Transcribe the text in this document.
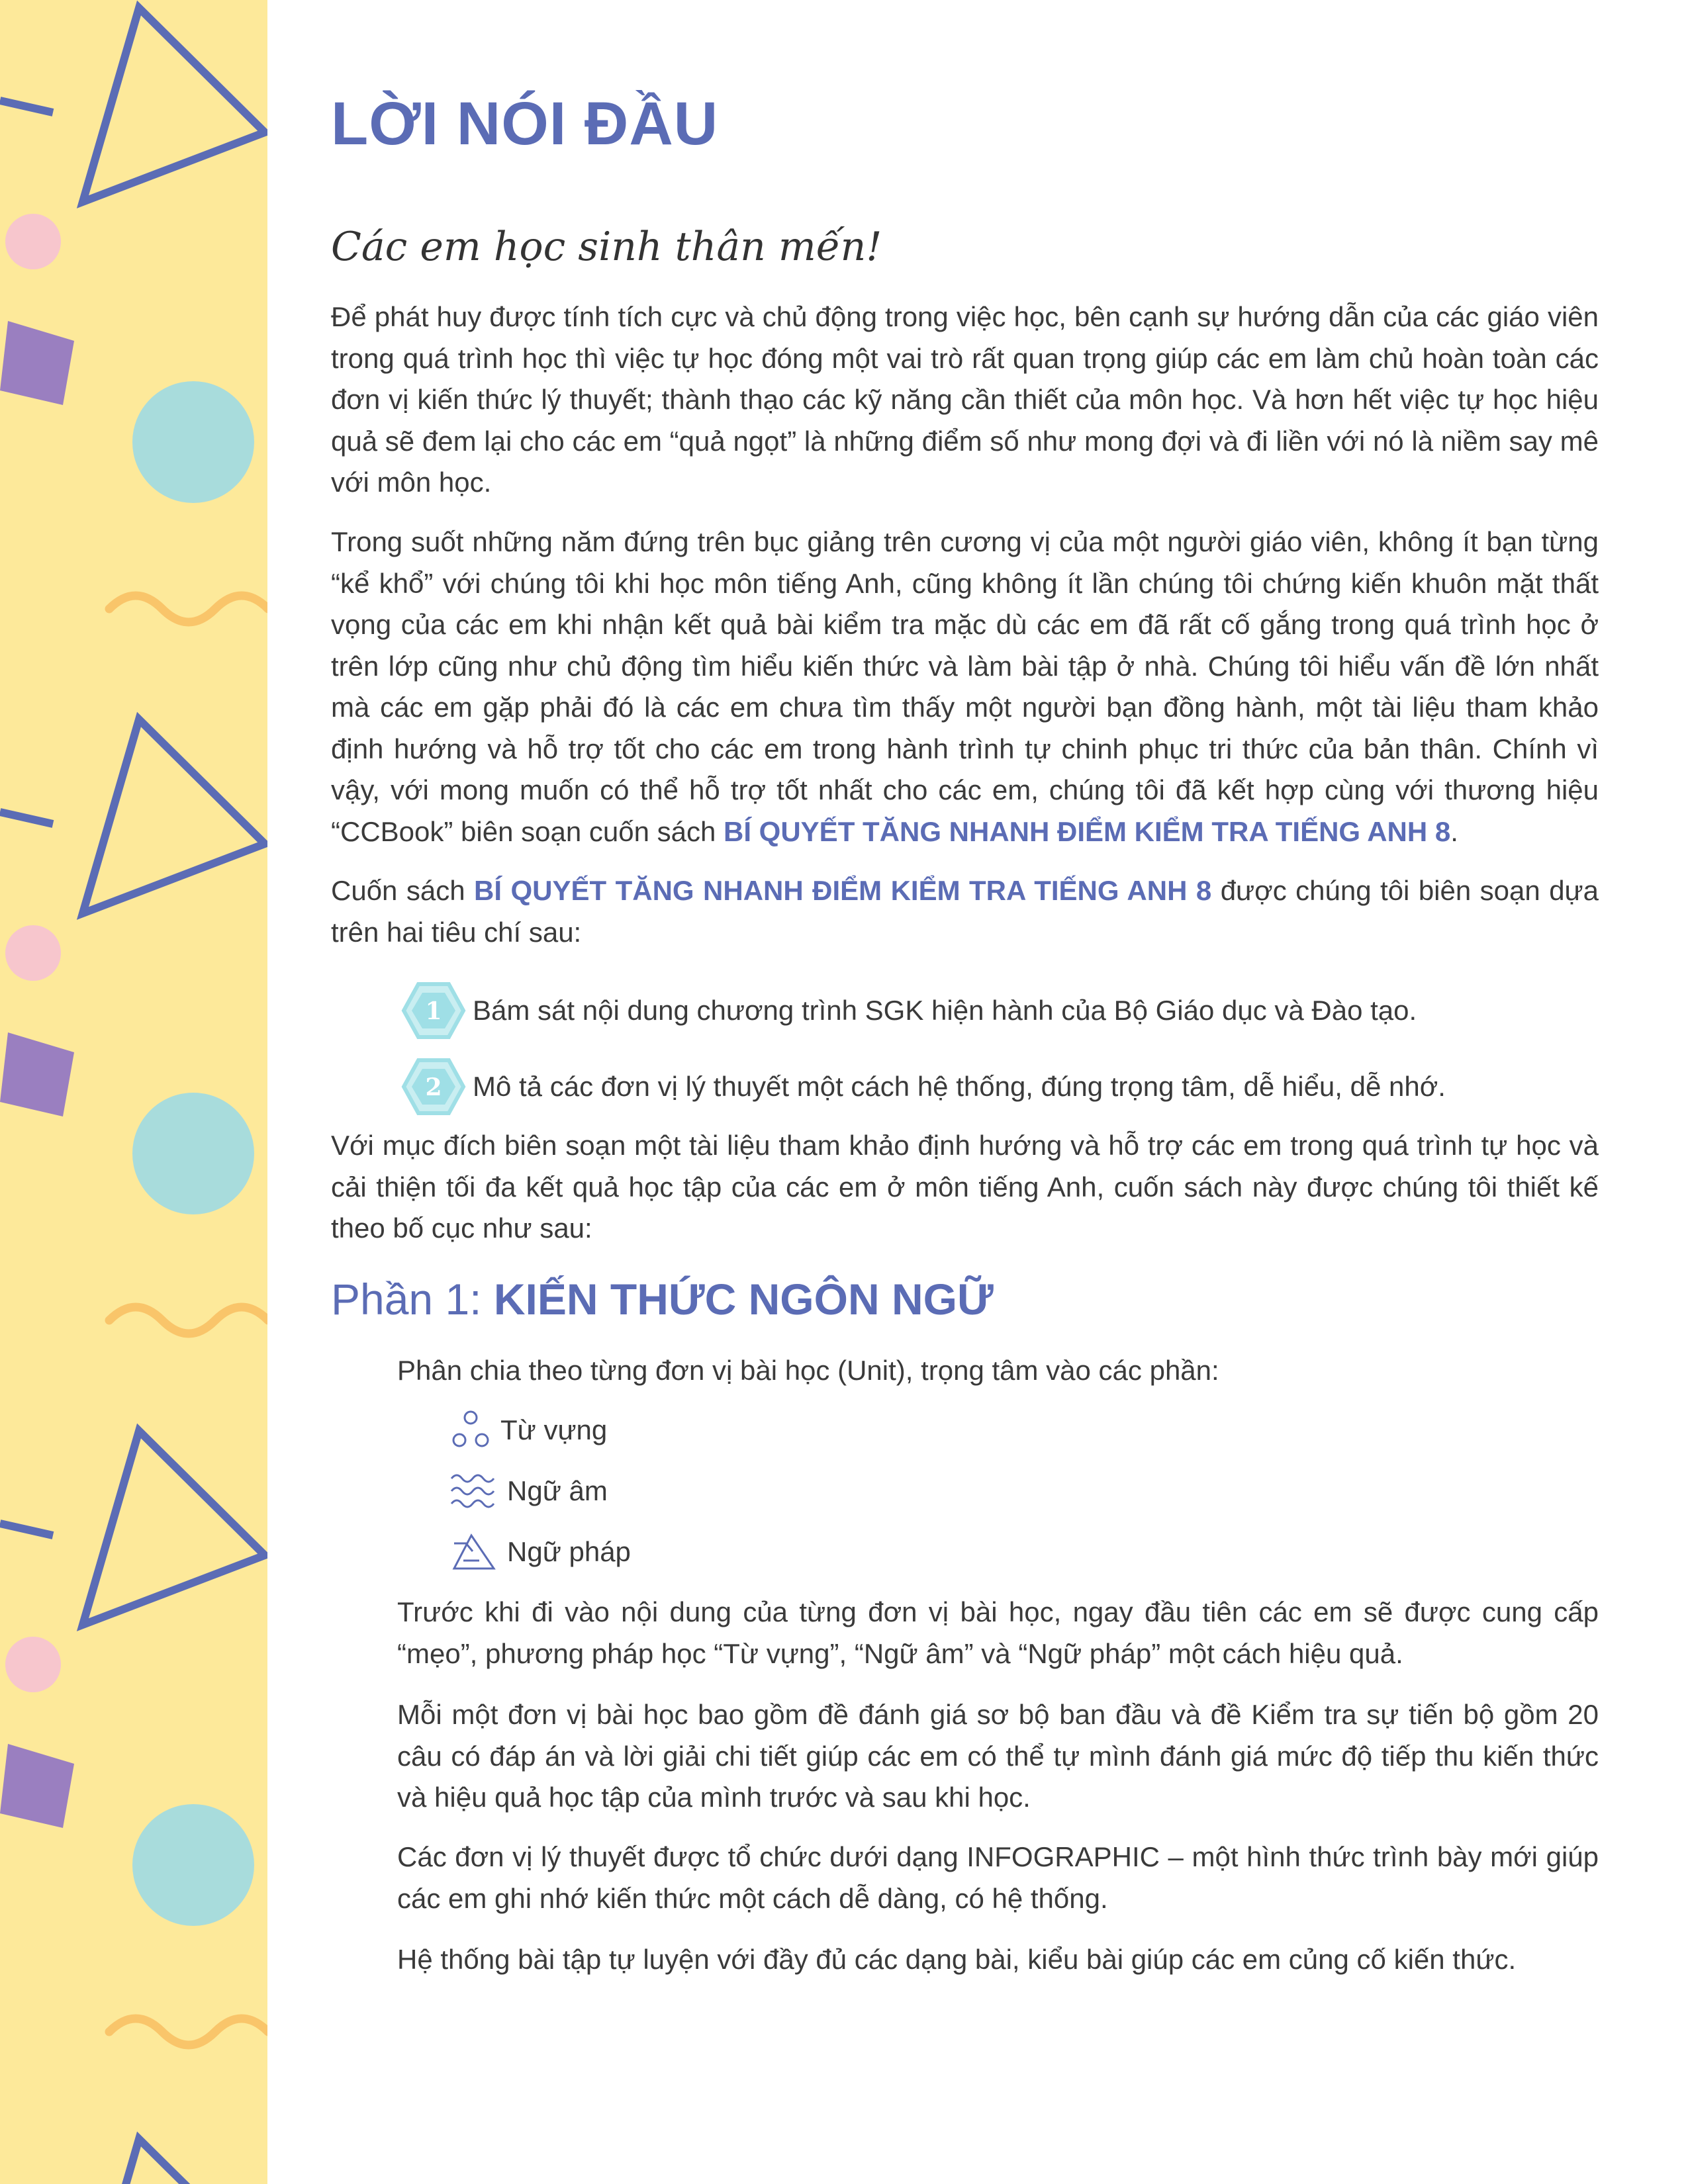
LỜI NÓI ĐẦU
Các em học sinh thân mến!

Để phát huy được tính tích cực và chủ động trong việc học, bên cạnh sự hướng dẫn của các giáo viên trong quá trình học thì việc tự học đóng một vai trò rất quan trọng giúp các em làm chủ hoàn toàn các đơn vị kiến thức lý thuyết; thành thạo các kỹ năng cần thiết của môn học. Và hơn hết việc tự học hiệu quả sẽ đem lại cho các em “quả ngọt” là những điểm số như mong đợi và đi liền với nó là niềm say mê với môn học.

Trong suốt những năm đứng trên bục giảng trên cương vị của một người giáo viên, không ít bạn từng “kể khổ” với chúng tôi khi học môn tiếng Anh, cũng không ít lần chúng tôi chứng kiến khuôn mặt thất vọng của các em khi nhận kết quả bài kiểm tra mặc dù các em đã rất cố gắng trong quá trình học ở trên lớp cũng như chủ động tìm hiểu kiến thức và làm bài tập ở nhà. Chúng tôi hiểu vấn đề lớn nhất mà các em gặp phải đó là các em chưa tìm thấy một người bạn đồng hành, một tài liệu tham khảo định hướng và hỗ trợ tốt cho các em trong hành trình tự chinh phục tri thức của bản thân. Chính vì vậy, với mong muốn có thể hỗ trợ tốt nhất cho các em, chúng tôi đã kết hợp cùng với thương hiệu “CCBook” biên soạn cuốn sách BÍ QUYẾT TĂNG NHANH ĐIỂM KIỂM TRA TIẾNG ANH 8.

Cuốn sách BÍ QUYẾT TĂNG NHANH ĐIỂM KIỂM TRA TIẾNG ANH 8 được chúng tôi biên soạn dựa trên hai tiêu chí sau:

1 Bám sát nội dung chương trình SGK hiện hành của Bộ Giáo dục và Đào tạo.
2 Mô tả các đơn vị lý thuyết một cách hệ thống, đúng trọng tâm, dễ hiểu, dễ nhớ.

Với mục đích biên soạn một tài liệu tham khảo định hướng và hỗ trợ các em trong quá trình tự học và cải thiện tối đa kết quả học tập của các em ở môn tiếng Anh, cuốn sách này được chúng tôi thiết kế theo bố cục như sau:

Phần 1: KIẾN THỨC NGÔN NGỮ

Phân chia theo từng đơn vị bài học (Unit), trọng tâm vào các phần:

Từ vựng
Ngữ âm
Ngữ pháp

Trước khi đi vào nội dung của từng đơn vị bài học, ngay đầu tiên các em sẽ được cung cấp “mẹo”, phương pháp học “Từ vựng”, “Ngữ âm” và “Ngữ pháp” một cách hiệu quả.

Mỗi một đơn vị bài học bao gồm đề đánh giá sơ bộ ban đầu và đề Kiểm tra sự tiến bộ gồm 20 câu có đáp án và lời giải chi tiết giúp các em có thể tự mình đánh giá mức độ tiếp thu kiến thức và hiệu quả học tập của mình trước và sau khi học.

Các đơn vị lý thuyết được tổ chức dưới dạng INFOGRAPHIC – một hình thức trình bày mới giúp các em ghi nhớ kiến thức một cách dễ dàng, có hệ thống.

Hệ thống bài tập tự luyện với đầy đủ các dạng bài, kiểu bài giúp các em củng cố kiến thức.
